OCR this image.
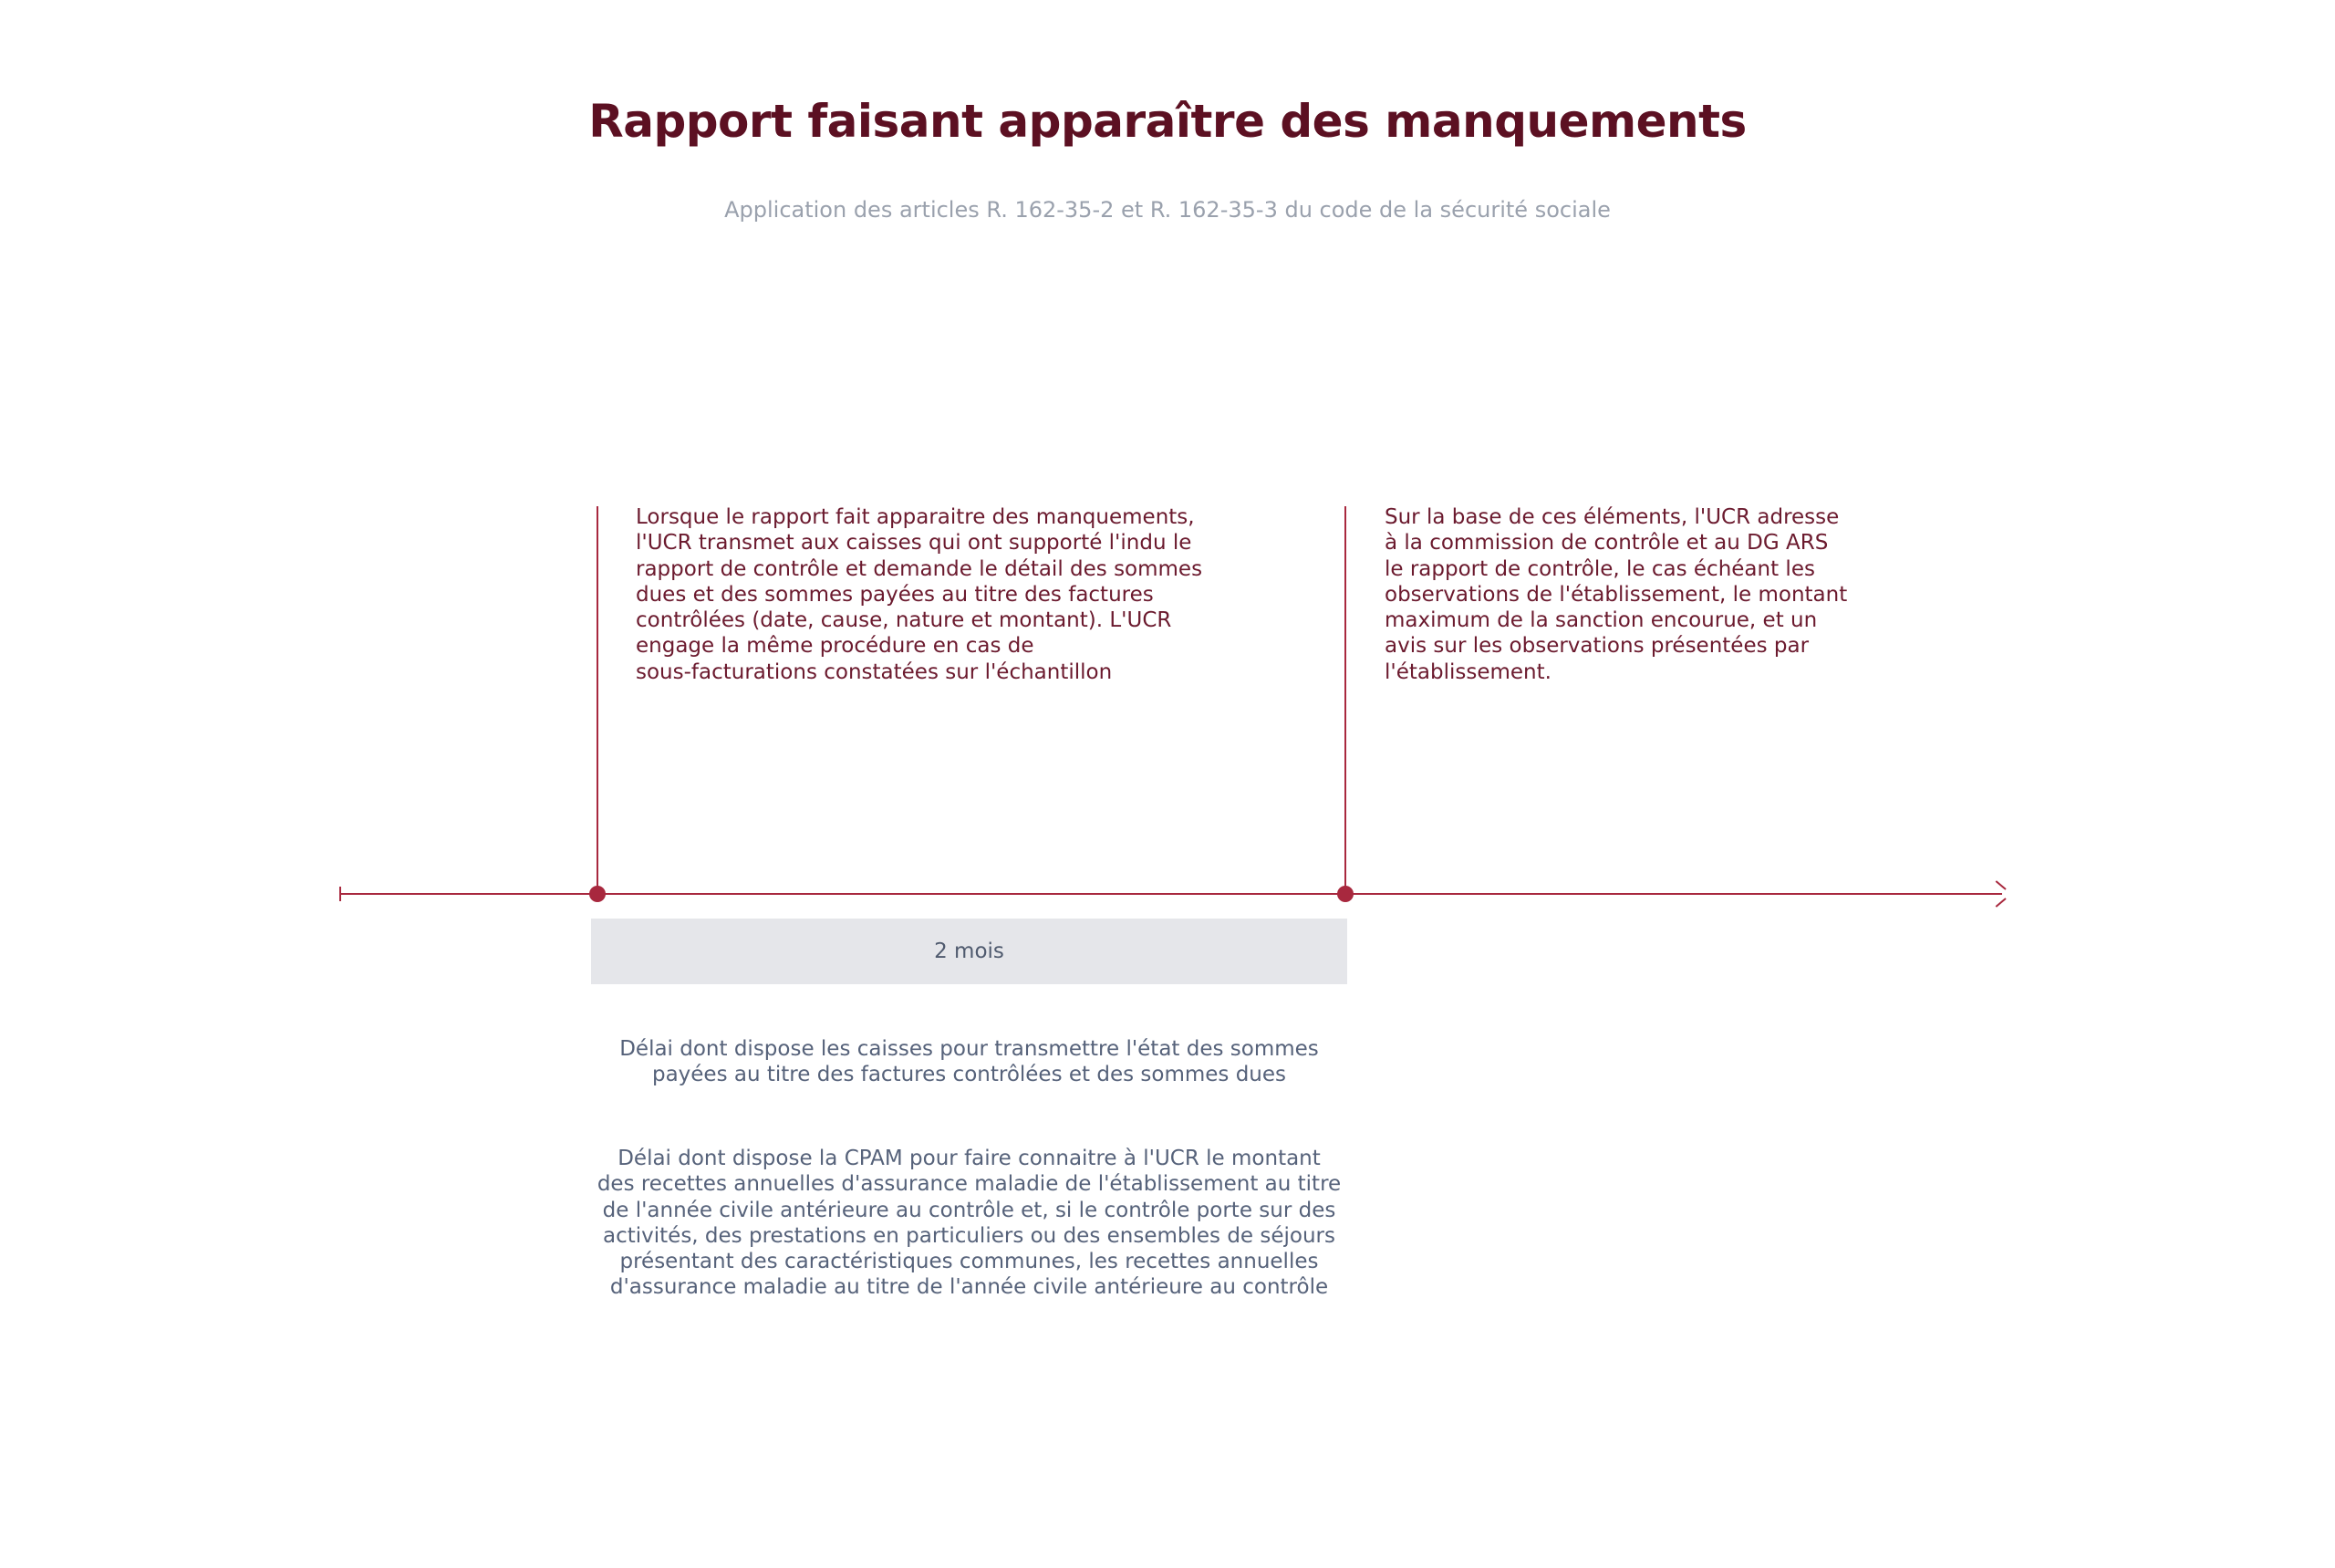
Rapport faisant apparaître des manquements
Application des articles R. 162-35-2 et R. 162-35-3 du code de la sécurité sociale
Lorsque le rapport fait apparaitre des manquements,
l'UCR transmet aux caisses qui ont supporté l'indu le
rapport de contrôle et demande le détail des sommes
dues et des sommes payées au titre des factures
contrôlées (date, cause, nature et montant). L'UCR
engage la même procédure en cas de
sous-facturations constatées sur l'échantillon
Sur la base de ces éléments, l'UCR adresse
à la commission de contrôle et au DG ARS
le rapport de contrôle, le cas échéant les
observations de l'établissement, le montant
maximum de la sanction encourue, et un
avis sur les observations présentées par
l'établissement.
2 mois
Délai dont dispose les caisses pour transmettre l'état des sommes
payées au titre des factures contrôlées et des sommes dues
Délai dont dispose la CPAM pour faire connaitre à l'UCR le montant
des recettes annuelles d'assurance maladie de l'établissement au titre
de l'année civile antérieure au contrôle et, si le contrôle porte sur des
activités, des prestations en particuliers ou des ensembles de séjours
présentant des caractéristiques communes, les recettes annuelles
d'assurance maladie au titre de l'année civile antérieure au contrôle
